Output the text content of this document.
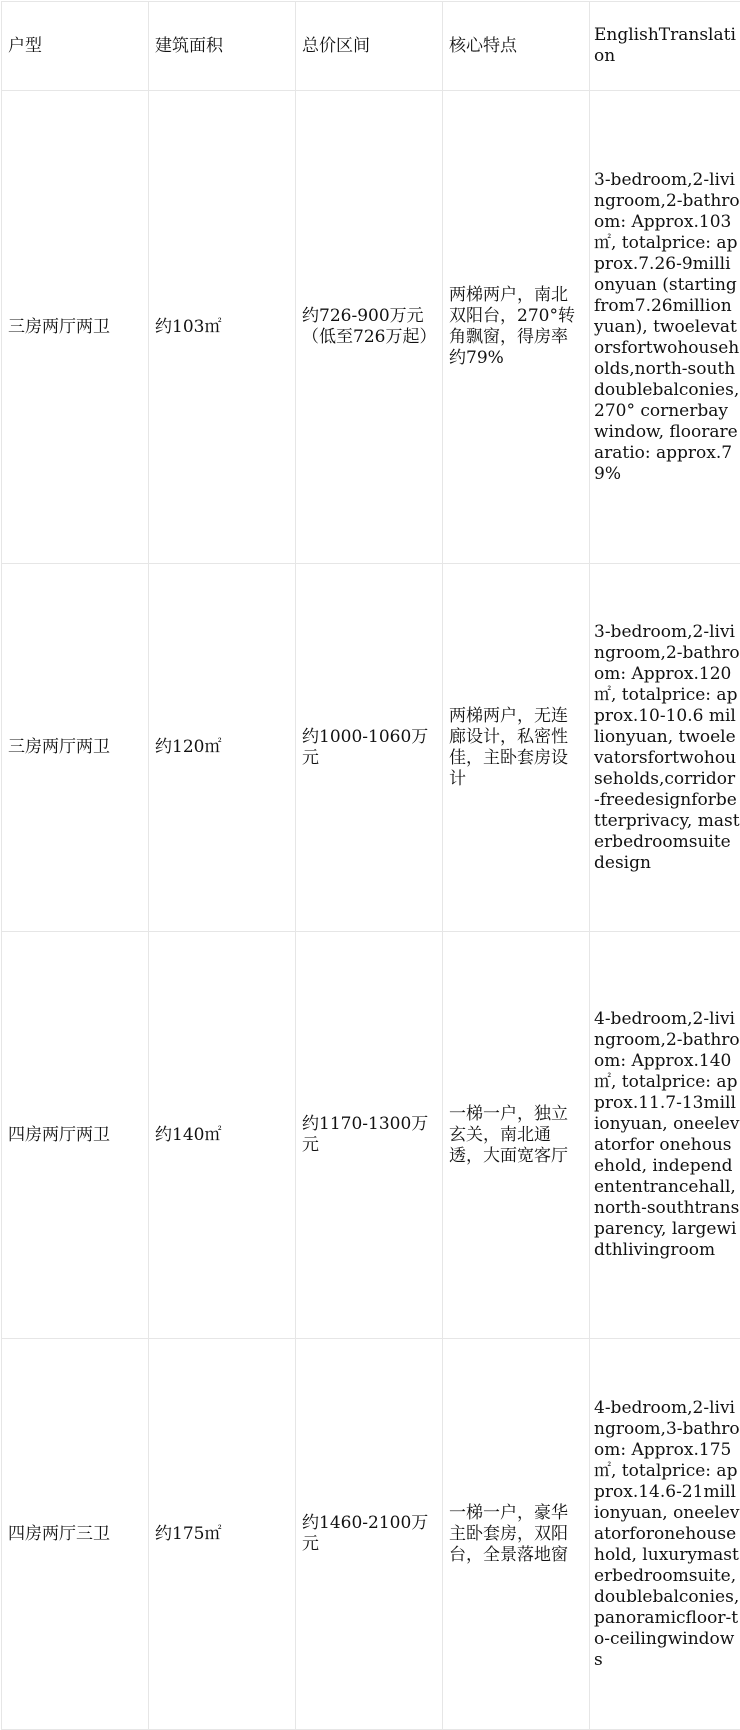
户型	建筑面积	总价区间	核心特点	EnglishTranslation
三房两厅两卫	约103㎡	约726-900万元（低至726万起）	两梯两户，南北双阳台，270°转角飘窗，得房率约79%	3-bedroom,2-livingroom,2-bathroom: Approx.103㎡, totalprice: approx.7.26-9millionyuan (startingfrom7.26millionyuan), twoelevatorsfortwohouseholds,north-southdoublebalconies,270° cornerbaywindow, floorarearatio: approx.79%
三房两厅两卫	约120㎡	约1000-1060万元	两梯两户，无连廊设计，私密性佳，主卧套房设计	3-bedroom,2-livingroom,2-bathroom: Approx.120㎡, totalprice: approx.10-10.6 millionyuan, twoelevatorsfortwohouseholds,corridor-freedesignforbetterprivacy, masterbedroomsuitedesign
四房两厅两卫	约140㎡	约1170-1300万元	一梯一户，独立玄关，南北通透，大面宽客厅	4-bedroom,2-livingroom,2-bathroom: Approx.140㎡, totalprice: approx.11.7-13millionyuan, oneelevatorfor onehousehold, independententrancehall, north-southtransparency, largewidthlivingroom
四房两厅三卫	约175㎡	约1460-2100万元	一梯一户，豪华主卧套房，双阳台，全景落地窗	4-bedroom,2-livingroom,3-bathroom: Approx.175㎡, totalprice: approx.14.6-21millionyuan, oneelevatorforonehousehold, luxurymasterbedroomsuite, doublebalconies, panoramicfloor-to-ceilingwindows
